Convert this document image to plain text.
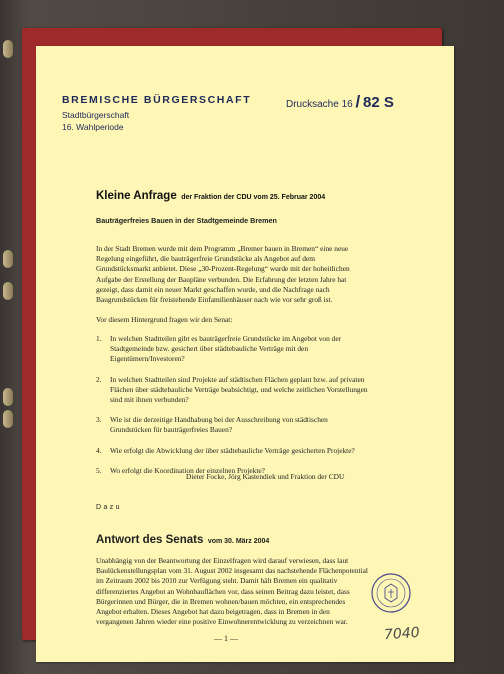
BREMISCHE BÜRGERSCHAFT
Stadtbürgerschaft
16. Wahlperiode
Drucksache 16 / 82 S
Kleine Anfrage der Fraktion der CDU vom 25. Februar 2004
Bauträgerfreies Bauen in der Stadtgemeinde Bremen
In der Stadt Bremen wurde mit dem Programm „Bremer bauen in Bremen“ eine neue Regelung eingeführt, die bauträgerfreie Grundstücke als Angebot auf dem Grundstücksmarkt anbietet. Diese „30-Prozent-Regelung“ wurde mit der hoheitlichen Aufgabe der Erstellung der Baupläne verbunden. Die Erfahrung der letzten Jahre hat gezeigt, dass damit ein neuer Markt geschaffen wurde, und die Nachfrage nach Baugrundstücken für freistehende Einfamilienhäuser nach wie vor sehr groß ist.
Vor diesem Hintergrund fragen wir den Senat:
1. In welchen Stadtteilen gibt es bauträgerfreie Grundstücke im Angebot von der Stadtgemeinde bzw. gesichert über städtebauliche Verträge mit den Eigentümern/Investoren?
2. In welchen Stadtteilen sind Projekte auf städtischen Flächen geplant bzw. auf privaten Flächen über städtebauliche Verträge beabsichtigt, und welche zeitlichen Vorstellungen sind mit ihnen verbunden?
3. Wie ist die derzeitige Handhabung bei der Ausschreibung von städtischen Grundstücken für bauträgerfreies Bauen?
4. Wie erfolgt die Abwicklung der über städtebauliche Verträge gesicherten Projekte?
5. Wo erfolgt die Koordination der einzelnen Projekte?
Dieter Focke, Jörg Kastendiek und Fraktion der CDU
Dazu
Antwort des Senats vom 30. März 2004
Unabhängig von der Beantwortung der Einzelfragen wird darauf verwiesen, dass laut Baulückenstellungsplan vom 31. August 2002 insgesamt das nachstehende Flächenpotential im Zeitraum 2002 bis 2010 zur Verfügung steht. Damit hält Bremen ein qualitativ differenziertes Angebot an Wohnbauflächen vor, dass seinen Beitrag dazu leistet, dass Bürgerinnen und Bürger, die in Bremen wohnen/bauen möchten, ein entsprechendes Angebot erhalten. Dieses Angebot hat dazu beigetragen, dass in Bremen in den vergangenen Jahren wieder eine positive Einwohnerentwicklung zu verzeichnen war.
— 1 —	7040
